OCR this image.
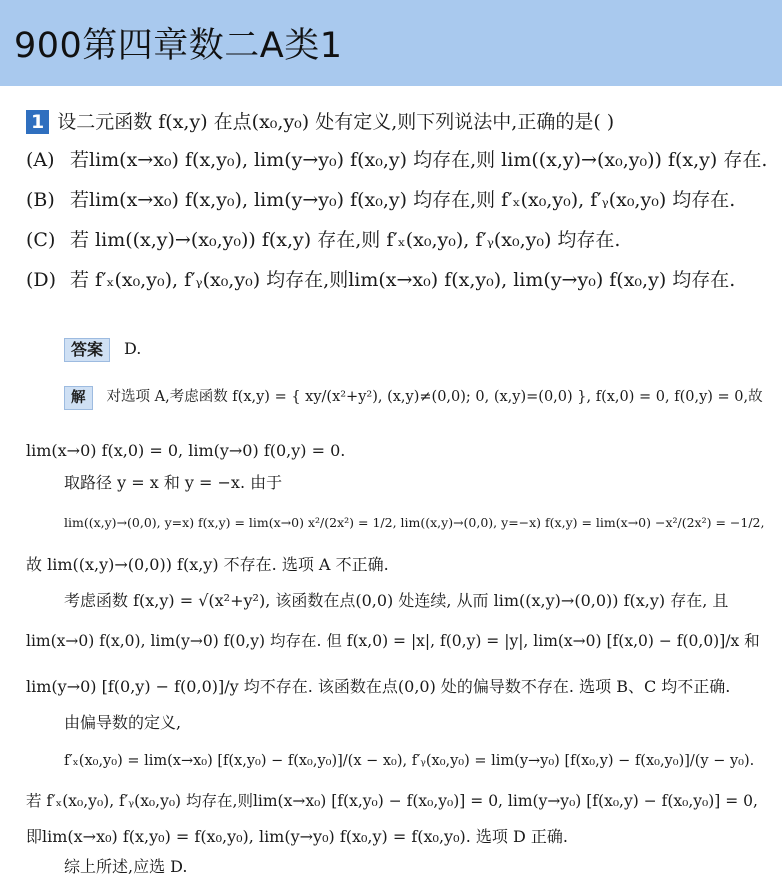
900第四章数二A类1
1 设二元函数 f(x,y) 在点(x₀,y₀) 处有定义,则下列说法中,正确的是( )
(A) 若lim(x→x₀) f(x,y₀), lim(y→y₀) f(x₀,y) 均存在,则 lim((x,y)→(x₀,y₀)) f(x,y) 存在.
(B) 若lim(x→x₀) f(x,y₀), lim(y→y₀) f(x₀,y) 均存在,则 f′ₓ(x₀,y₀), f′ᵧ(x₀,y₀) 均存在.
(C) 若 lim((x,y)→(x₀,y₀)) f(x,y) 存在,则 f′ₓ(x₀,y₀), f′ᵧ(x₀,y₀) 均存在.
(D) 若 f′ₓ(x₀,y₀), f′ᵧ(x₀,y₀) 均存在,则lim(x→x₀) f(x,y₀), lim(y→y₀) f(x₀,y) 均存在.
答案 D.
解 对选项 A,考虑函数 f(x,y) = { xy/(x²+y²), (x,y)≠(0,0); 0, (x,y)=(0,0) }, f(x,0) = 0, f(0,y) = 0,故
lim(x→0) f(x,0) = 0, lim(y→0) f(0,y) = 0.
取路径 y = x 和 y = −x. 由于
lim((x,y)→(0,0), y=x) f(x,y) = lim(x→0) x²/(2x²) = 1/2, lim((x,y)→(0,0), y=−x) f(x,y) = lim(x→0) −x²/(2x²) = −1/2,
故 lim((x,y)→(0,0)) f(x,y) 不存在. 选项 A 不正确.
考虑函数 f(x,y) = √(x²+y²), 该函数在点(0,0) 处连续, 从而 lim((x,y)→(0,0)) f(x,y) 存在, 且
lim(x→0) f(x,0), lim(y→0) f(0,y) 均存在. 但 f(x,0) = |x|, f(0,y) = |y|, lim(x→0) [f(x,0) − f(0,0)]/x 和
lim(y→0) [f(0,y) − f(0,0)]/y 均不存在. 该函数在点(0,0) 处的偏导数不存在. 选项 B、C 均不正确.
由偏导数的定义,
f′ₓ(x₀,y₀) = lim(x→x₀) [f(x,y₀) − f(x₀,y₀)]/(x − x₀), f′ᵧ(x₀,y₀) = lim(y→y₀) [f(x₀,y) − f(x₀,y₀)]/(y − y₀).
若 f′ₓ(x₀,y₀), f′ᵧ(x₀,y₀) 均存在,则lim(x→x₀) [f(x,y₀) − f(x₀,y₀)] = 0, lim(y→y₀) [f(x₀,y) − f(x₀,y₀)] = 0,
即lim(x→x₀) f(x,y₀) = f(x₀,y₀), lim(y→y₀) f(x₀,y) = f(x₀,y₀). 选项 D 正确.
综上所述,应选 D.
